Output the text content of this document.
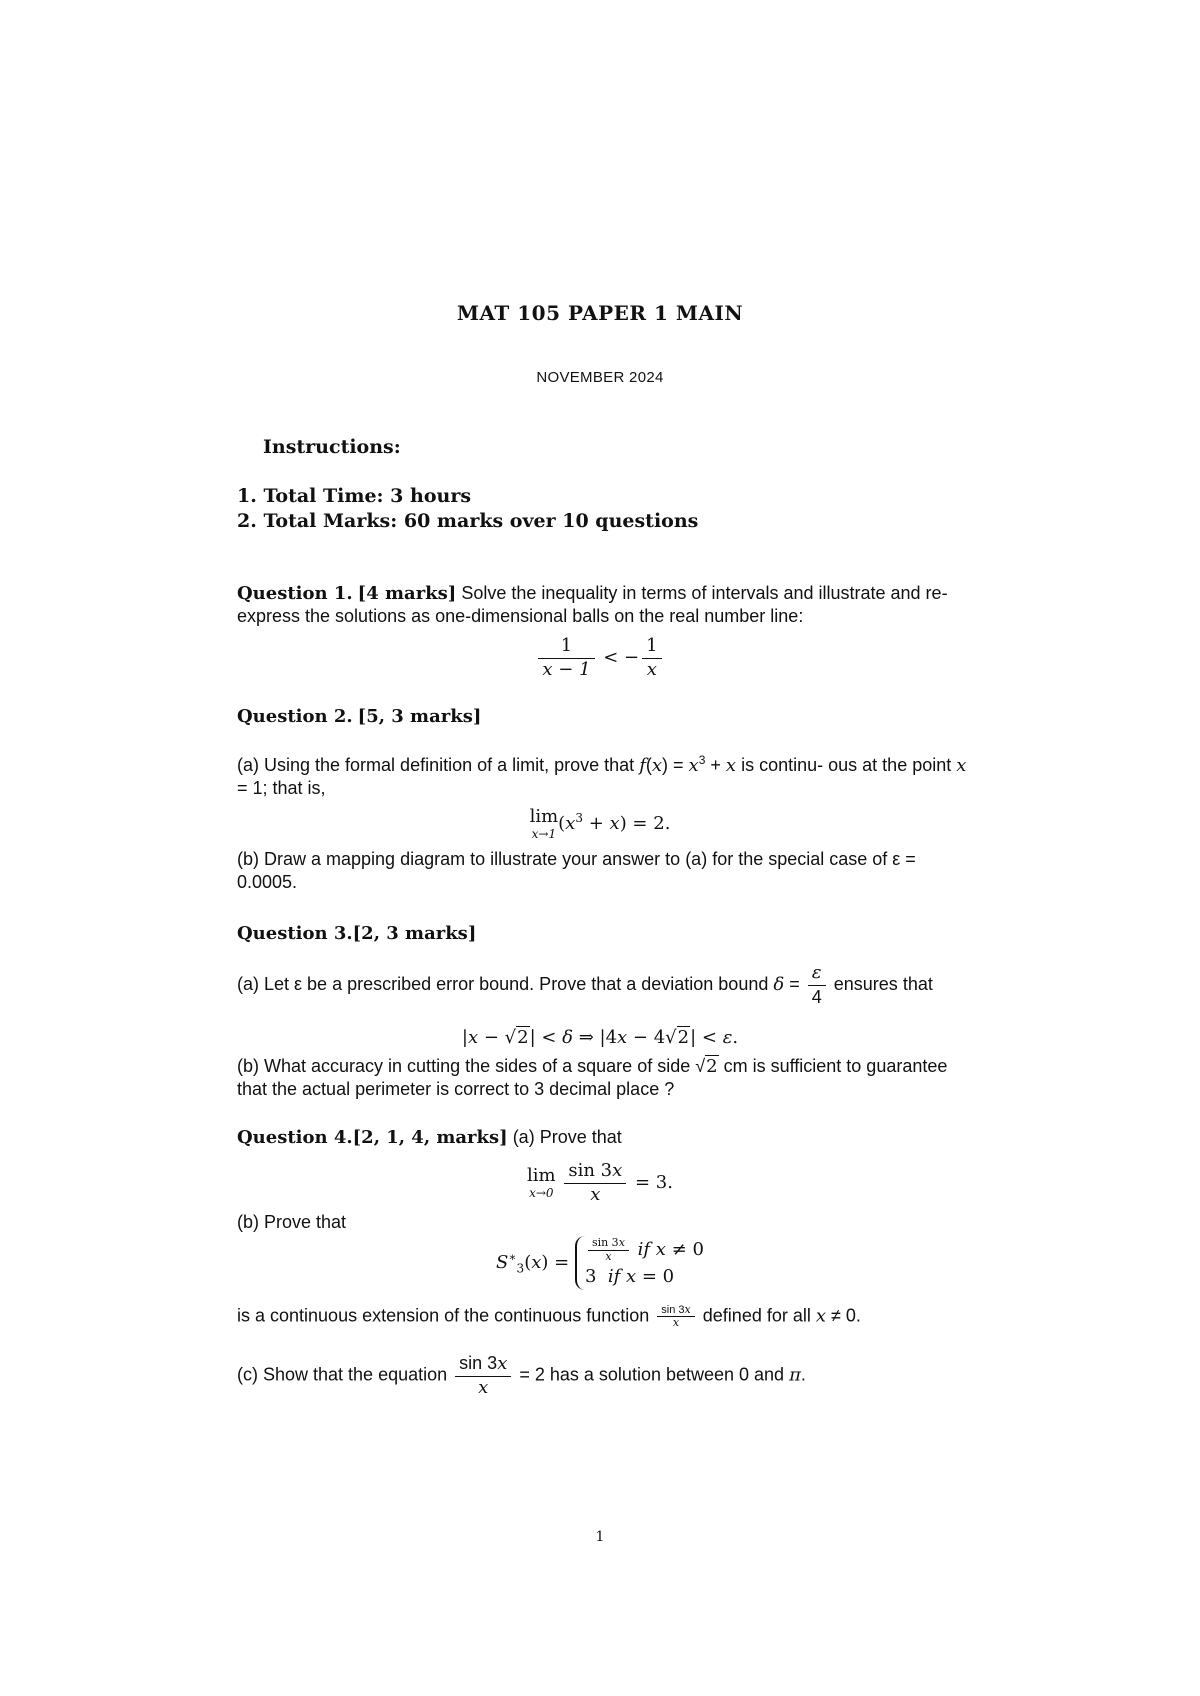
MAT 105 PAPER 1 MAIN
NOVEMBER 2024
Instructions:
1. Total Time: 3 hours
2. Total Marks: 60 marks over 10 questions
Question 1. [4 marks] Solve the inequality in terms of intervals and illustrate and re-express the solutions as one-dimensional balls on the real number line:
$\frac{1}{x - 1}$ < − $\frac{1}{x}$
Question 2. [5, 3 marks]
(a) Using the formal definition of a limit, prove that $f(x) = x^3 + x$ is continu- ous at the point x = 1; that is,
lim
x→1 $(x^3 + x) = 2$.
(b) Draw a mapping diagram to illustrate your answer to (a) for the special case of ε = 0.0005.
Question 3.[2, 3 marks]
(a) Let ε be a prescribed error bound. Prove that a deviation bound $\delta = \frac{\varepsilon}{4}$ ensures that
|x − √2| < δ ⇒ |4x − 4√2| < ε.
(b) What accuracy in cutting the sides of a square of side √2 cm is sufficient to guarantee that the actual perimeter is correct to 3 decimal place ?
Question 4.[2, 1, 4, marks] (a) Prove that
lim
x→0
$\frac{\sin 3x}{x} = 3$.
(b) Prove that
$S^∗_3(x) = \frac{\sin 3x}{x}$ if x ≠ 0
3  if x = 0
is a continuous extension of the continuous function $\frac{\sin 3x}{x}$ defined for all x ≠ 0.
(c) Show that the equation $\frac{\sin 3x}{x} = 2$ has a solution between 0 and π.
1
